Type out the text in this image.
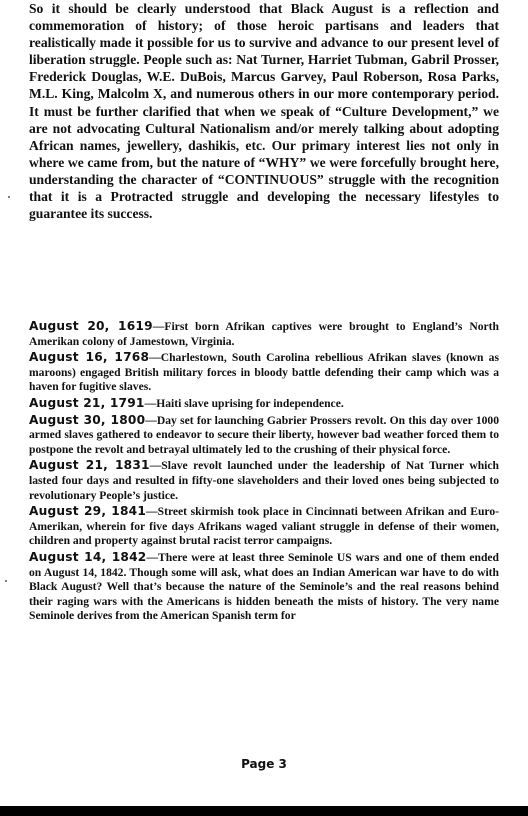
So it should be clearly understood that Black August is a reflection and commemoration of history; of those heroic partisans and leaders that realistically made it possible for us to survive and advance to our present level of liberation struggle. People such as: Nat Turner, Harriet Tubman, Gabril Prosser, Frederick Douglas, W.E. DuBois, Marcus Garvey, Paul Roberson, Rosa Parks, M.L. King, Malcolm X, and numerous others in our more contemporary period. It must be further clarified that when we speak of “Culture Development,” we are not advocating Cultural Nationalism and/or merely talking about adopting African names, jewellery, dashikis, etc. Our primary interest lies not only in where we came from, but the nature of “WHY” we were forcefully brought here, understanding the character of “CONTINUOUS” struggle with the recognition that it is a Protracted struggle and developing the necessary lifestyles to guarantee its success.

August 20, 1619—First born Afrikan captives were brought to England’s North Amerikan colony of Jamestown, Virginia.

August 16, 1768—Charlestown, South Carolina rebellious Afrikan slaves (known as maroons) engaged British military forces in bloody battle defending their camp which was a haven for fugitive slaves.

August 21, 1791—Haiti slave uprising for independence.

August 30, 1800—Day set for launching Gabrier Prossers revolt. On this day over 1000 armed slaves gathered to endeavor to secure their liberty, however bad weather forced them to postpone the revolt and betrayal ultimately led to the crushing of their physical force.

August 21, 1831—Slave revolt launched under the leadership of Nat Turner which lasted four days and resulted in fifty-one slaveholders and their loved ones being subjected to revolutionary People’s justice.

August 29, 1841—Street skirmish took place in Cincinnati between Afrikan and Euro-Amerikan, wherein for five days Afrikans waged valiant struggle in defense of their women, children and property against brutal racist terror campaigns.

August 14, 1842—There were at least three Seminole US wars and one of them ended on August 14, 1842. Though some will ask, what does an Indian American war have to do with Black August? Well that’s because the nature of the Seminole’s and the real reasons behind their raging wars with the Americans is hidden beneath the mists of history. The very name Seminole derives from the American Spanish term for

Page 3
